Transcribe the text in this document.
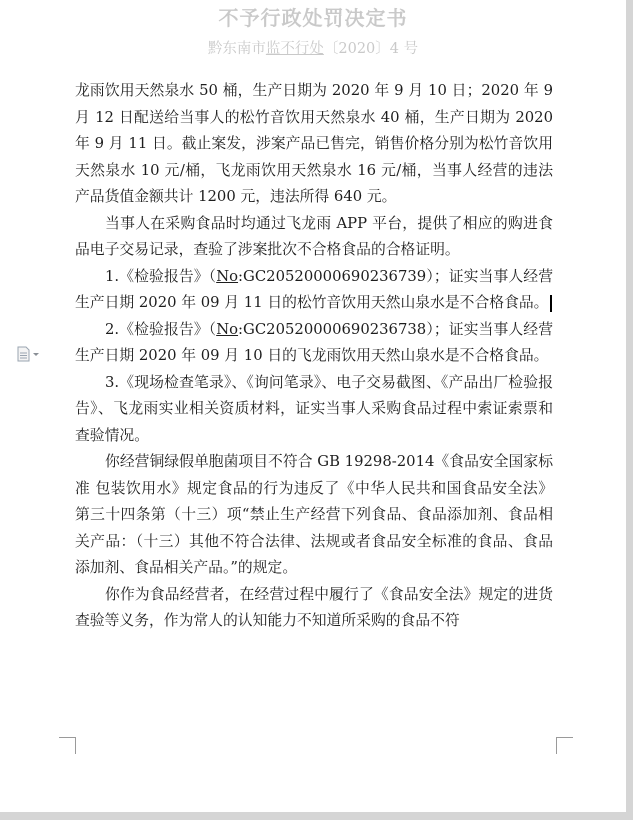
不予行政处罚决定书
黔东南市监不行处〔2020〕4 号

龙雨饮用天然泉水 50 桶，生产日期为 2020 年 9 月 10 日；2020 年 9 月 12 日配送给当事人的松竹音饮用天然泉水 40 桶，生产日期为 2020 年 9 月 11 日。截止案发，涉案产品已售完，销售价格分别为松竹音饮用天然泉水 10 元/桶，飞龙雨饮用天然泉水 16 元/桶，当事人经营的违法产品货值金额共计 1200 元，违法所得 640 元。

当事人在采购食品时均通过飞龙雨 APP 平台，提供了相应的购进食品电子交易记录，查验了涉案批次不合格食品的合格证明。

1.《检验报告》（No:GC20520000690236739）；证实当事人经营生产日期 2020 年 09 月 11 日的松竹音饮用天然山泉水是不合格食品。

2.《检验报告》（No:GC20520000690236738）；证实当事人经营生产日期 2020 年 09 月 10 日的飞龙雨饮用天然山泉水是不合格食品。

3.《现场检查笔录》、《询问笔录》、电子交易截图、《产品出厂检验报告》、飞龙雨实业相关资质材料，证实当事人采购食品过程中索证索票和查验情况。

你经营铜绿假单胞菌项目不符合 GB 19298-2014《食品安全国家标准 包装饮用水》规定食品的行为违反了《中华人民共和国食品安全法》第三十四条第（十三）项“禁止生产经营下列食品、食品添加剂、食品相关产品：（十三）其他不符合法律、法规或者食品安全标准的食品、食品添加剂、食品相关产品。”的规定。

你作为食品经营者，在经营过程中履行了《食品安全法》规定的进货查验等义务，作为常人的认知能力不知道所采购的食品不符
